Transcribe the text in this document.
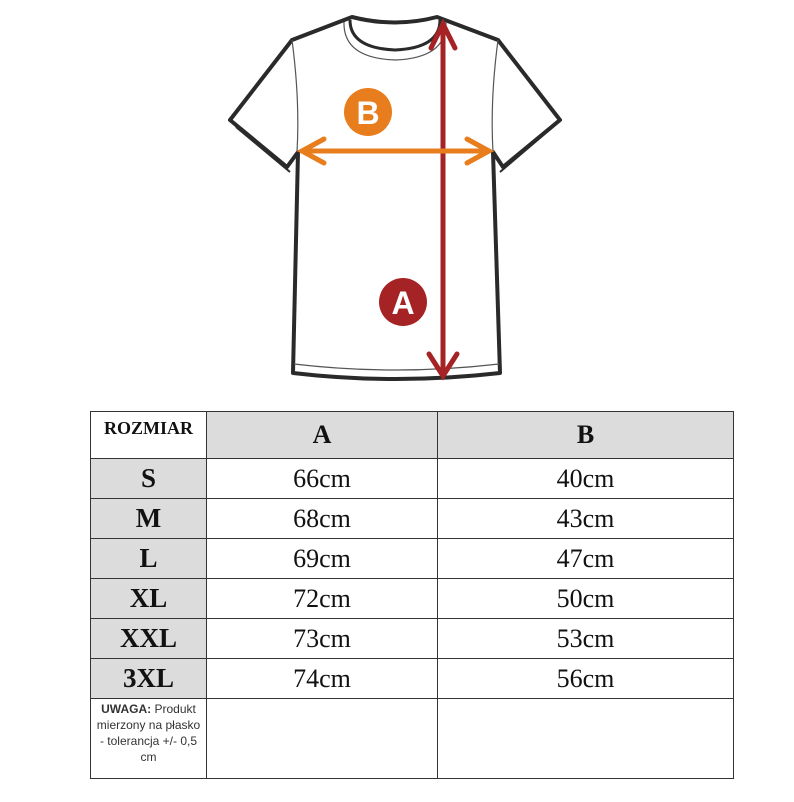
B
A
ROZMIAR	A	B
S	66cm	40cm
M	68cm	43cm
L	69cm	47cm
XL	72cm	50cm
XXL	73cm	53cm
3XL	74cm	56cm
UWAGA: Produkt mierzony na płasko - tolerancja +/- 0,5 cm		
